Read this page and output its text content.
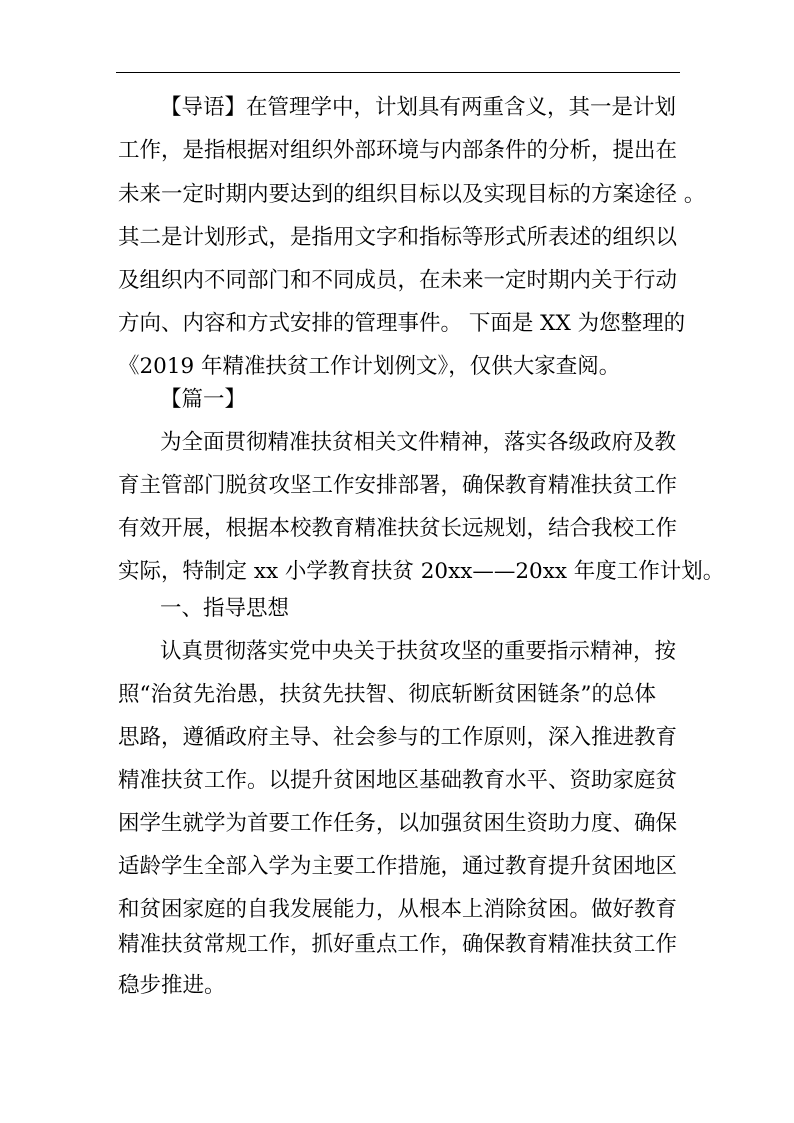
【导语】在管理学中，计划具有两重含义，其一是计划
工作，是指根据对组织外部环境与内部条件的分析，提出在
未来一定时期内要达到的组织目标以及实现目标的方案途径 。
其二是计划形式，是指用文字和指标等形式所表述的组织以
及组织内不同部门和不同成员，在未来一定时期内关于行动
方向、内容和方式安排的管理事件。 下面是 XX 为您整理的
《2019 年精准扶贫工作计划例文》，仅供大家查阅。
【篇一】
为全面贯彻精准扶贫相关文件精神，落实各级政府及教
育主管部门脱贫攻坚工作安排部署，确保教育精准扶贫工作
有效开展，根据本校教育精准扶贫长远规划，结合我校工作
实际，特制定 xx 小学教育扶贫 20xx——20xx 年度工作计划。
一、指导思想
认真贯彻落实党中央关于扶贫攻坚的重要指示精神，按
照“治贫先治愚，扶贫先扶智、彻底斩断贫困链条”的总体
思路，遵循政府主导、社会参与的工作原则，深入推进教育
精准扶贫工作。以提升贫困地区基础教育水平、资助家庭贫
困学生就学为首要工作任务，以加强贫困生资助力度、确保
适龄学生全部入学为主要工作措施，通过教育提升贫困地区
和贫困家庭的自我发展能力，从根本上消除贫困。做好教育
精准扶贫常规工作，抓好重点工作，确保教育精准扶贫工作
稳步推进。
